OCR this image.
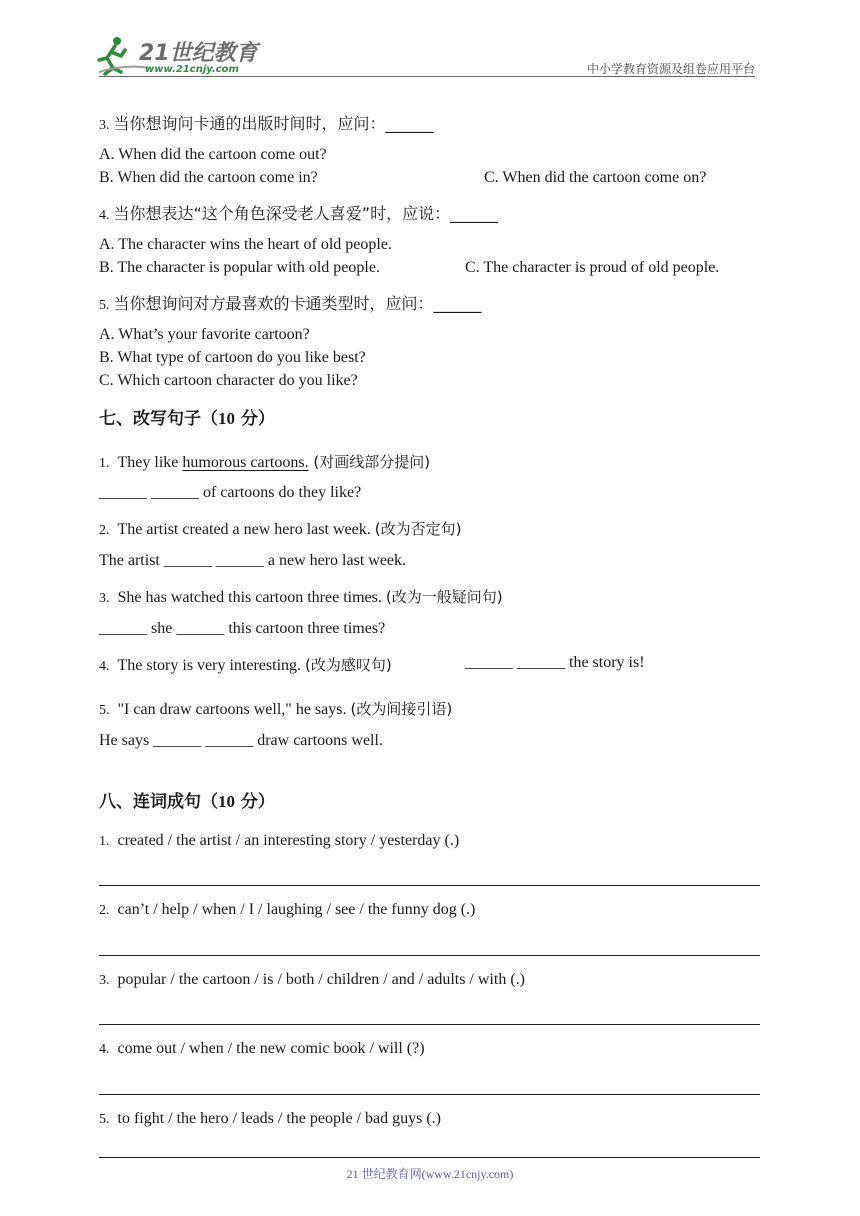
21世纪教育
www.21cnjy.com	中小学教育资源及组卷应用平台
3. 当你想询问卡通的出版时间时，应问：______
A. When did the cartoon come out?
B. When did the cartoon come in?	C. When did the cartoon come on?
4. 当你想表达“这个角色深受老人喜爱”时，应说：______
A. The character wins the heart of old people.
B. The character is popular with old people.	C. The character is proud of old people.
5. 当你想询问对方最喜欢的卡通类型时，应问：______
A. What’s your favorite cartoon?
B. What type of cartoon do you like best?
C. Which cartoon character do you like?
七、改写句子（10 分）
1. They like humorous cartoons. (对画线部分提问)
______ ______ of cartoons do they like?
2. The artist created a new hero last week. (改为否定句)
The artist ______ ______ a new hero last week.
3. She has watched this cartoon three times. (改为一般疑问句)
______ she ______ this cartoon three times?
4. The story is very interesting. (改为感叹句)	______ ______ the story is!
5. "I can draw cartoons well," he says. (改为间接引语)
He says ______ ______ draw cartoons well.
八、连词成句（10 分）
1. created / the artist / an interesting story / yesterday (.)
2. can’t / help / when / I / laughing / see / the funny dog (.)
3. popular / the cartoon / is / both / children / and / adults / with (.)
4. come out / when / the new comic book / will (?)
5. to fight / the hero / leads / the people / bad guys (.)
21 世纪教育网(www.21cnjy.com)
